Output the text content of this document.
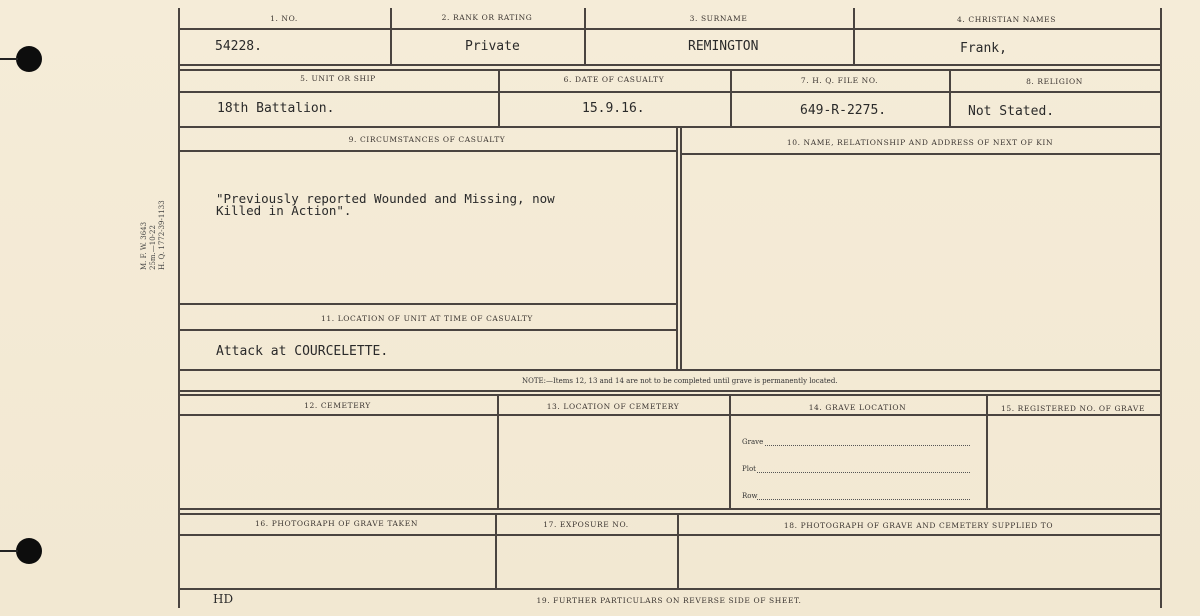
M. F. W. 3643 25m.—10-22 H. Q. 1772-39-1133
1. NO.	2. RANK OR RATING	3. SURNAME	4. CHRISTIAN NAMES
54228.	Private	REMINGTON	Frank,
5. UNIT OR SHIP	6. DATE OF CASUALTY	7. H. Q. FILE NO.	8. RELIGION
18th Battalion.	15.9.16.	649-R-2275.	Not Stated.
9. CIRCUMSTANCES OF CASUALTY	10. NAME, RELATIONSHIP AND ADDRESS OF NEXT OF KIN
"Previously reported Wounded and Missing, now
Killed in Action".
11. LOCATION OF UNIT AT TIME OF CASUALTY
Attack at COURCELETTE.
NOTE:—Items 12, 13 and 14 are not to be completed until grave is permanently located.
12. CEMETERY	13. LOCATION OF CEMETERY	14. GRAVE LOCATION	15. REGISTERED NO. OF GRAVE
Grave
Plot
Row
16. PHOTOGRAPH OF GRAVE TAKEN	17. EXPOSURE NO.	18. PHOTOGRAPH OF GRAVE AND CEMETERY SUPPLIED TO
HD	19. FURTHER PARTICULARS ON REVERSE SIDE OF SHEET.
